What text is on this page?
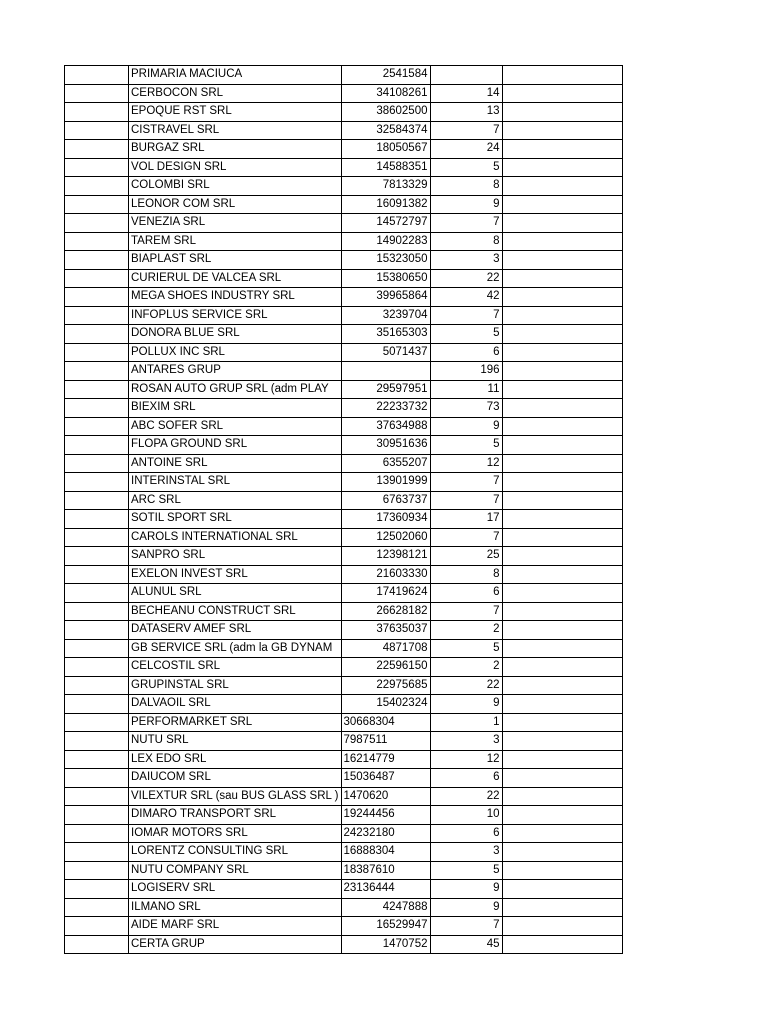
	PRIMARIA MACIUCA	2541584		
	CERBOCON SRL	34108261	14	
	EPOQUE RST SRL	38602500	13	
	CISTRAVEL SRL	32584374	7	
	BURGAZ SRL	18050567	24	
	VOL DESIGN SRL	14588351	5	
	COLOMBI SRL	7813329	8	
	LEONOR COM SRL	16091382	9	
	VENEZIA SRL	14572797	7	
	TAREM SRL	14902283	8	
	BIAPLAST SRL	15323050	3	
	CURIERUL DE VALCEA SRL	15380650	22	
	MEGA SHOES INDUSTRY SRL	39965864	42	
	INFOPLUS SERVICE SRL	3239704	7	
	DONORA BLUE SRL	35165303	5	
	POLLUX INC SRL	5071437	6	
	ANTARES GRUP		196	
	ROSAN AUTO GRUP SRL (adm PLAY	29597951	11	
	BIEXIM SRL	22233732	73	
	ABC SOFER SRL	37634988	9	
	FLOPA GROUND SRL	30951636	5	
	ANTOINE SRL	6355207	12	
	INTERINSTAL SRL	13901999	7	
	ARC SRL	6763737	7	
	SOTIL SPORT SRL	17360934	17	
	CAROLS INTERNATIONAL SRL	12502060	7	
	SANPRO SRL	12398121	25	
	EXELON INVEST SRL	21603330	8	
	ALUNUL SRL	17419624	6	
	BECHEANU CONSTRUCT SRL	26628182	7	
	DATASERV AMEF SRL	37635037	2	
	GB SERVICE SRL (adm la GB DYNAM	4871708	5	
	CELCOSTIL SRL	22596150	2	
	GRUPINSTAL SRL	22975685	22	
	DALVAOIL SRL	15402324	9	
	PERFORMARKET SRL	30668304	1	
	NUTU SRL	7987511	3	
	LEX EDO SRL	16214779	12	
	DAIUCOM SRL	15036487	6	
	VILEXTUR SRL (sau BUS GLASS SRL )	1470620	22	
	DIMARO TRANSPORT SRL	19244456	10	
	IOMAR MOTORS SRL	24232180	6	
	LORENTZ CONSULTING SRL	16888304	3	
	NUTU COMPANY SRL	18387610	5	
	LOGISERV SRL	23136444	9	
	ILMANO SRL	4247888	9	
	AIDE MARF SRL	16529947	7	
	CERTA GRUP	1470752	45	
